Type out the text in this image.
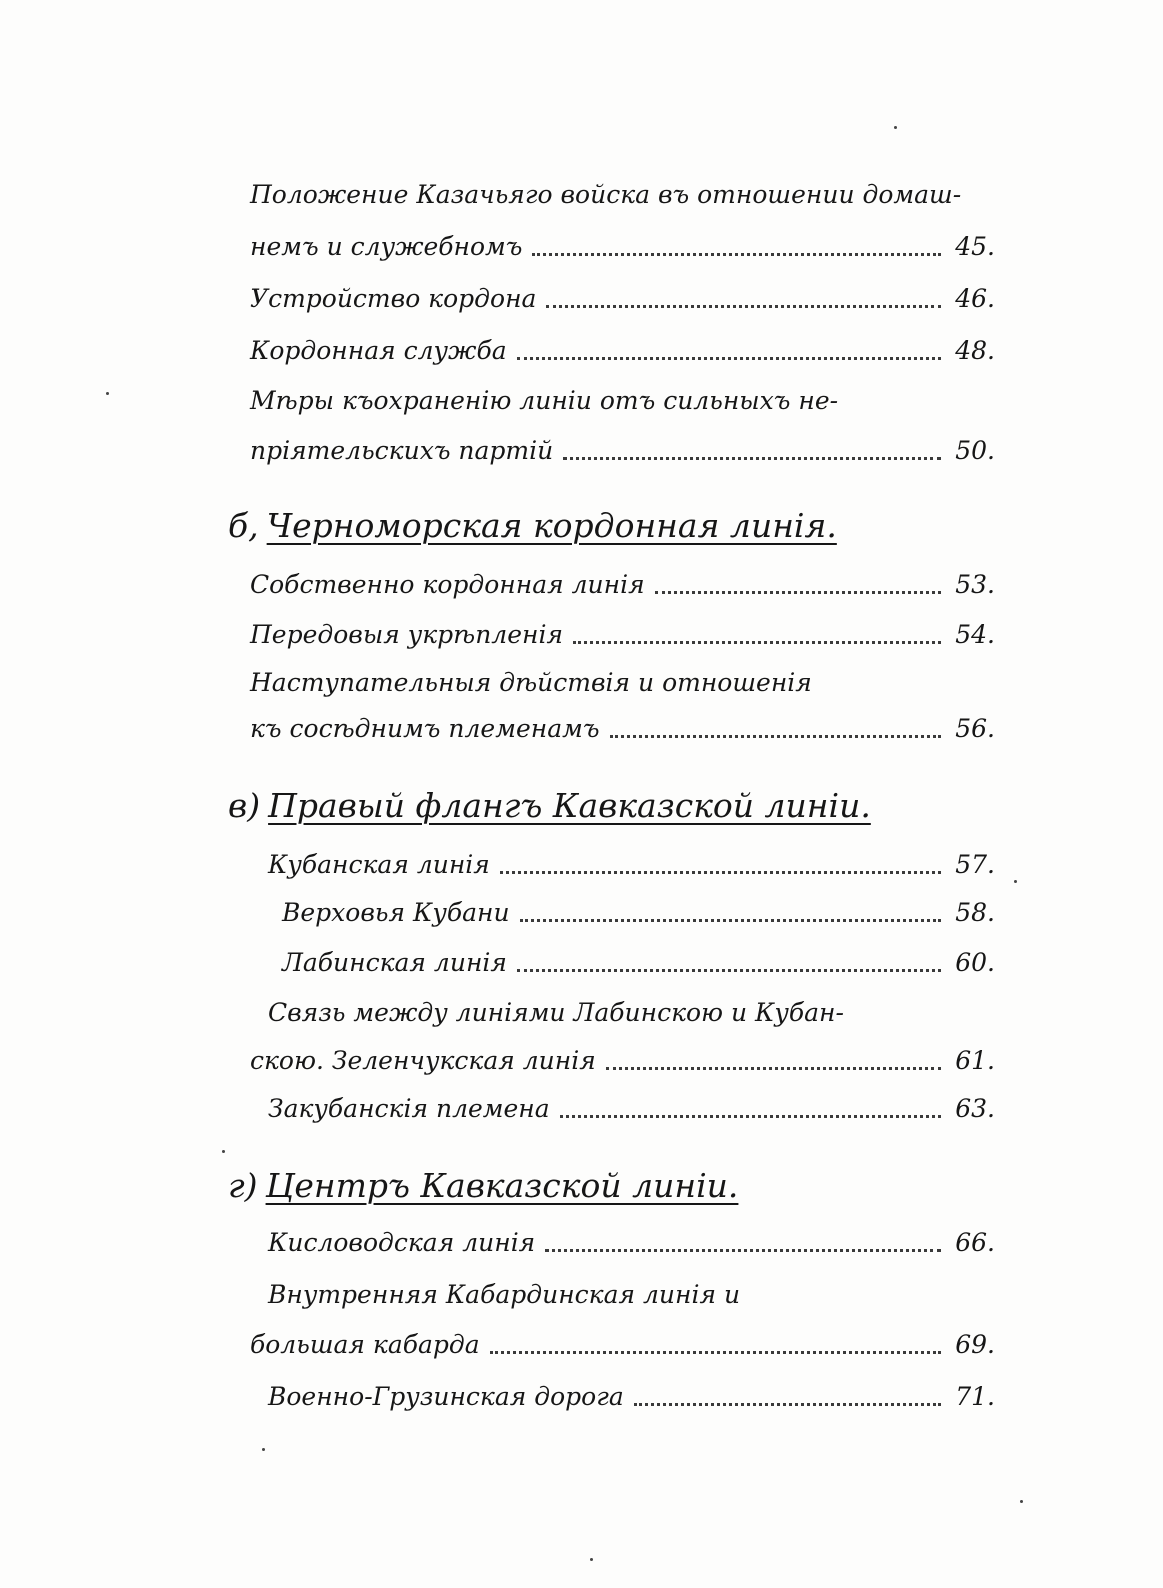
Положение Казачьяго войска въ отношении домаш-
немъ и служебномъ	45.
Устройство кордона	46.
Кордонная служба	48.
Мѣры къохраненію линіи отъ сильныхъ не-
пріятельскихъ партій	50.
б, Черноморская кордонная линія.
Собственно кордонная линія	53.
Передовыя укрѣпленія	54.
Наступательныя дѣйствія и отношенія
къ сосѣднимъ племенамъ	56.
в) Правый флангъ Кавказской линіи.
Кубанская линія	57.
Верховья Кубани	58.
Лабинская линія	60.
Связь между линіями Лабинскою и Кубан-
скою. Зеленчукская линія	61.
Закубанскія племена	63.
г) Центръ Кавказской линіи.
Кисловодская линія	66.
Внутренняя Кабардинская линія и
большая кабарда	69.
Военно-Грузинская дорога	71.
